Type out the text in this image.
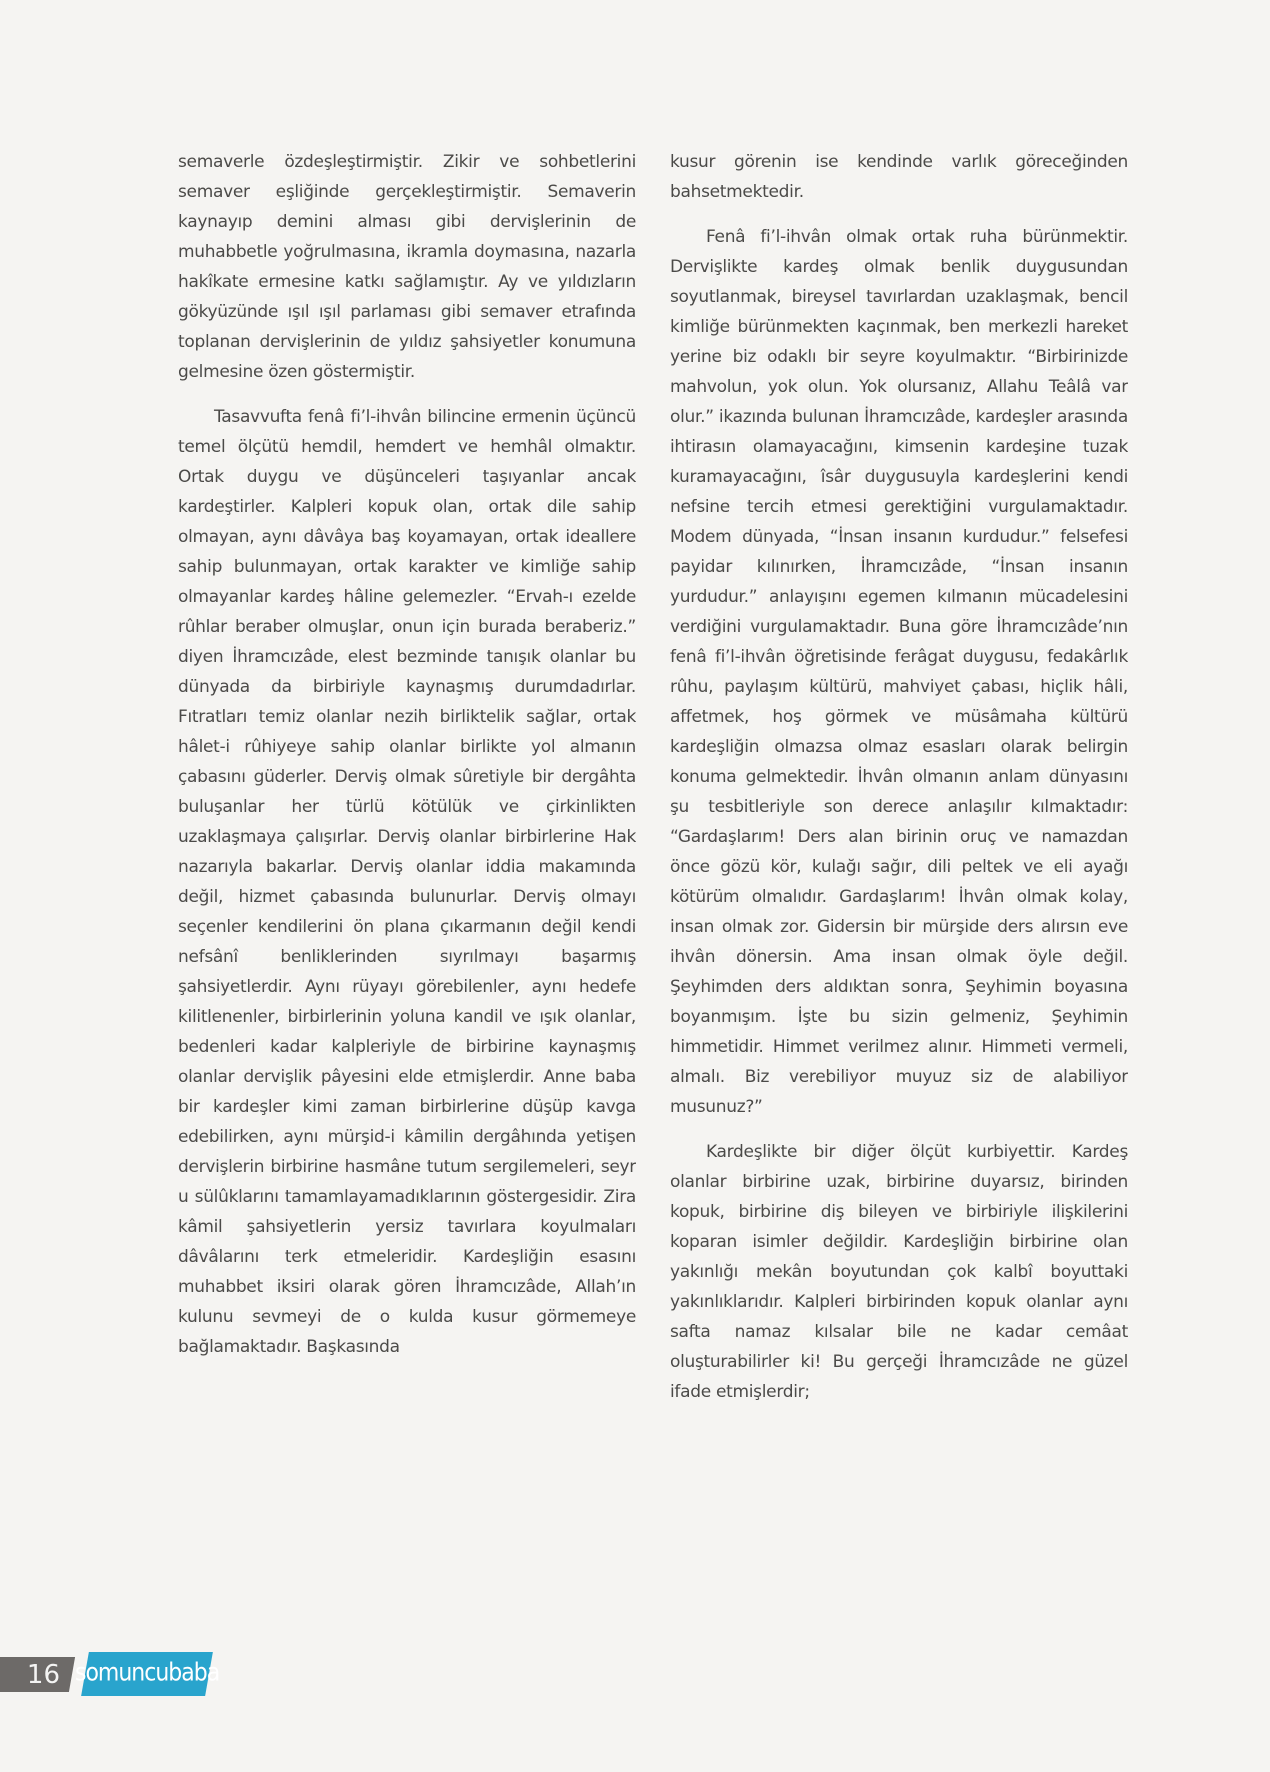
semaverle özdeşleştirmiştir. Zikir ve sohbetlerini semaver eşliğinde gerçekleştirmiştir. Semaverin kaynayıp demini alması gibi dervişlerinin de muhabbetle yoğrulmasına, ikramla doymasına, nazarla hakîkate ermesine katkı sağlamıştır. Ay ve yıldızların gökyüzünde ışıl ışıl parlaması gibi semaver etrafında toplanan dervişlerinin de yıldız şahsiyetler konumuna gelmesine özen göstermiştir.

Tasavvufta fenâ fi’l-ihvân bilincine ermenin üçüncü temel ölçütü hemdil, hemdert ve hemhâl olmaktır. Ortak duygu ve düşünceleri taşıyanlar ancak kardeştirler. Kalpleri kopuk olan, ortak dile sahip olmayan, aynı dâvâya baş koyamayan, ortak ideallere sahip bulunmayan, ortak karakter ve kimliğe sahip olmayanlar kardeş hâline gelemezler. “Ervah-ı ezelde rûhlar beraber olmuşlar, onun için burada beraberiz.” diyen İhramcızâde, elest bezminde tanışık olanlar bu dünyada da birbiriyle kaynaşmış durumdadırlar. Fıtratları temiz olanlar nezih birliktelik sağlar, ortak hâlet-i rûhiyeye sahip olanlar birlikte yol almanın çabasını güderler. Derviş olmak sûretiyle bir dergâhta buluşanlar her türlü kötülük ve çirkinlikten uzaklaşmaya çalışırlar. Derviş olanlar birbirlerine Hak nazarıyla bakarlar. Derviş olanlar iddia makamında değil, hizmet çabasında bulunurlar. Derviş olmayı seçenler kendilerini ön plana çıkarmanın değil kendi nefsânî benliklerinden sıyrılmayı başarmış şahsiyetlerdir. Aynı rüyayı görebilenler, aynı hedefe kilitlenenler, birbirlerinin yoluna kandil ve ışık olanlar, bedenleri kadar kalpleriyle de birbirine kaynaşmış olanlar dervişlik pâyesini elde etmişlerdir. Anne baba bir kardeşler kimi zaman birbirlerine düşüp kavga edebilirken, aynı mürşid-i kâmilin dergâhında yetişen dervişlerin birbirine hasmâne tutum sergilemeleri, seyr u sülûklarını tamamlayamadıklarının göstergesidir. Zira kâmil şahsiyetlerin yersiz tavırlara koyulmaları dâvâlarını terk etmeleridir. Kardeşliğin esasını muhabbet iksiri olarak gören İhramcızâde, Allah’ın kulunu sevmeyi de o kulda kusur görmemeye bağlamaktadır. Başkasında

kusur görenin ise kendinde varlık göreceğinden bahsetmektedir.

Fenâ fi’l-ihvân olmak ortak ruha bürünmektir. Dervişlikte kardeş olmak benlik duygusundan soyutlanmak, bireysel tavırlardan uzaklaşmak, bencil kimliğe bürünmekten kaçınmak, ben merkezli hareket yerine biz odaklı bir seyre koyulmaktır. “Birbirinizde mahvolun, yok olun. Yok olursanız, Allahu Teâlâ var olur.” ikazında bulunan İhramcızâde, kardeşler arasında ihtirasın olamayacağını, kimsenin kardeşine tuzak kuramayacağını, îsâr duygusuyla kardeşlerini kendi nefsine tercih etmesi gerektiğini vurgulamaktadır. Modem dünyada, “İnsan insanın kurdudur.” felsefesi payidar kılınırken, İhramcızâde, “İnsan insanın yurdudur.” anlayışını egemen kılmanın mücadelesini verdiğini vurgulamaktadır. Buna göre İhramcızâde’nın fenâ fi’l-ihvân öğretisinde ferâgat duygusu, fedakârlık rûhu, paylaşım kültürü, mahviyet çabası, hiçlik hâli, affetmek, hoş görmek ve müsâmaha kültürü kardeşliğin olmazsa olmaz esasları olarak belirgin konuma gelmektedir. İhvân olmanın anlam dünyasını şu tesbitleriyle son derece anlaşılır kılmaktadır: “Gardaşlarım! Ders alan birinin oruç ve namazdan önce gözü kör, kulağı sağır, dili peltek ve eli ayağı kötürüm olmalıdır. Gardaşlarım! İhvân olmak kolay, insan olmak zor. Gidersin bir mürşide ders alırsın eve ihvân dönersin. Ama insan olmak öyle değil. Şeyhimden ders aldıktan sonra, Şeyhimin boyasına boyanmışım. İşte bu sizin gelmeniz, Şeyhimin himmetidir. Himmet verilmez alınır. Himmeti vermeli, almalı. Biz verebiliyor muyuz siz de alabiliyor musunuz?”

Kardeşlikte bir diğer ölçüt kurbiyettir. Kardeş olanlar birbirine uzak, birbirine duyarsız, birinden kopuk, birbirine diş bileyen ve birbiriyle ilişkilerini koparan isimler değildir. Kardeşliğin birbirine olan yakınlığı mekân boyutundan çok kalbî boyuttaki yakınlıklarıdır. Kalpleri birbirinden kopuk olanlar aynı safta namaz kılsalar bile ne kadar cemâat oluşturabilirler ki! Bu gerçeği İhramcızâde ne güzel ifade etmişlerdir;

16 somuncubaba
